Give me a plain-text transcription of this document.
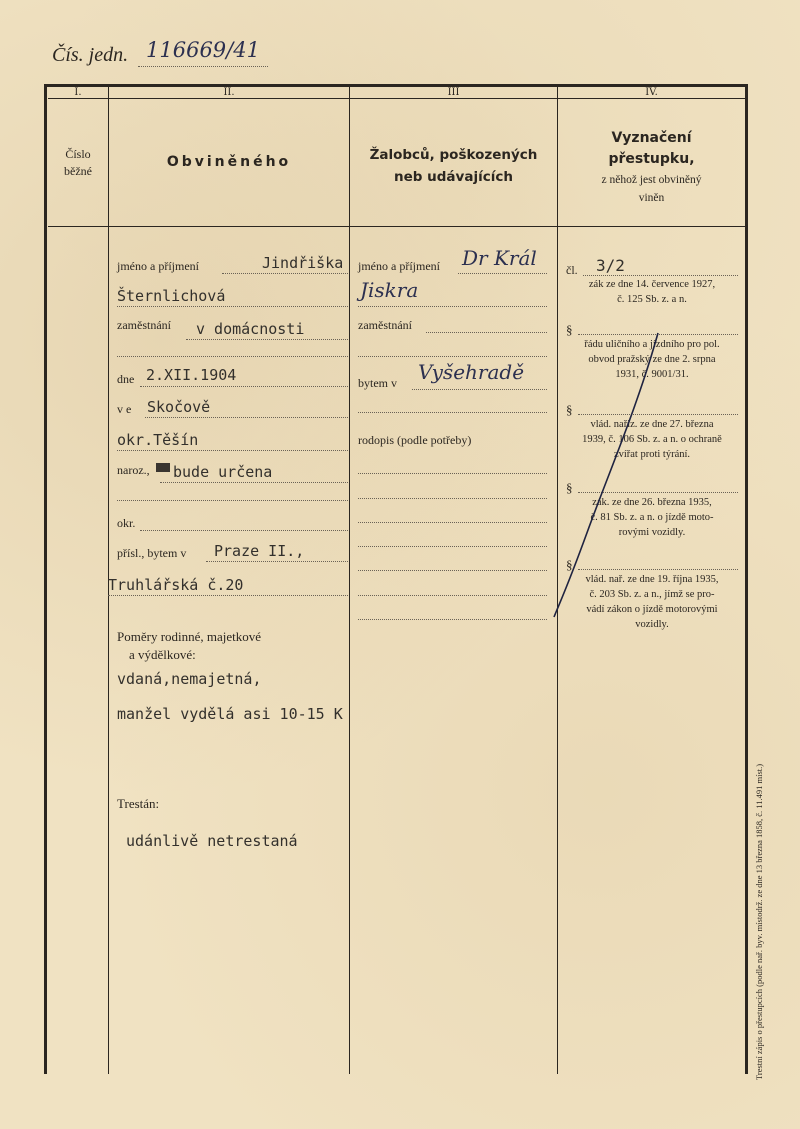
Čís. jedn. 116669/41
I.	II.	III	IV.
Číslo
běžné
Obviněného	Žalobců, poškozených
neb udávajících
Vyznačení
přestupku,
z něhož jest obviněný
viněn
jméno a příjmení	Jindřiška
Šternlichová
zaměstnání v domácnosti
dne 2.XII.1904
v e Skočově
okr.Těšín
naroz., bude určena
okr.
přísl., bytem v Praze II.,
Truhlářská č.20
Poměry rodinné, majetkové
a výdělkové:
vdaná,nemajetná,
manžel vydělá asi 10-15 K
Trestán:
udánlivě netrestaná
jméno a příjmení Dr Král
Jiskra
zaměstnání
bytem v Vyšehradě
rodopis (podle potřeby)
čl. 3/2
zák ze dne 14. července 1927,
č. 125 Sb. z. a n.
§
řádu uličního a jízdního pro pol.
obvod pražský ze dne 2. srpna
1931, č. 9001/31.
§
vlád. nařiz. ze dne 27. března
1939, č. 106 Sb. z. a n. o ochraně
zvířat proti týrání.
§
zák. ze dne 26. března 1935,
č. 81 Sb. z. a n. o jízdě moto-
rovými vozidly.
§
vlád. nař. ze dne 19. října 1935,
č. 203 Sb. z. a n., jímž se pro-
vádí zákon o jízdě motorovými
vozidly.
Trestní zápis o přestupcích (podle nař. byv. místodrž. ze dne 13 března 1858, č. 11.491 míst.)
